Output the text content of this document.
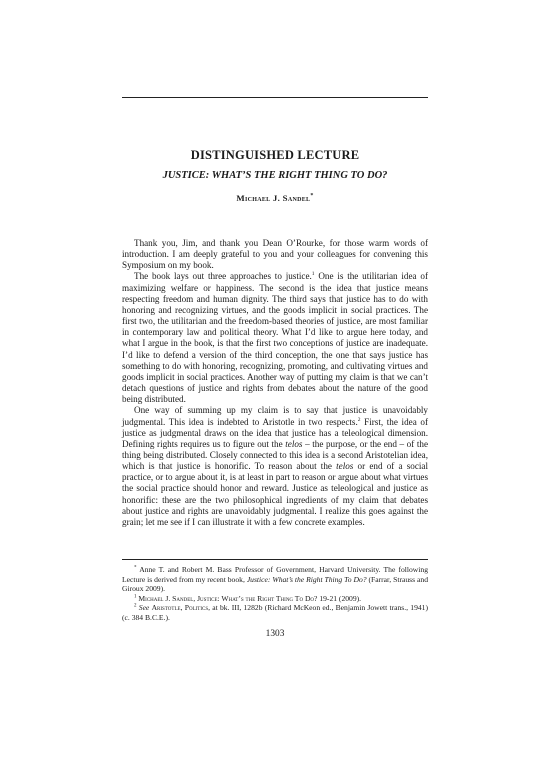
DISTINGUISHED LECTURE
JUSTICE: WHAT’S THE RIGHT THING TO DO?
Michael J. Sandel*

Thank you, Jim, and thank you Dean O’Rourke, for those warm words of introduction. I am deeply grateful to you and your colleagues for convening this Symposium on my book.

The book lays out three approaches to justice.$^1$ One is the utilitarian idea of maximizing welfare or happiness. The second is the idea that justice means respecting freedom and human dignity. The third says that justice has to do with honoring and recognizing virtues, and the goods implicit in social practices. The first two, the utilitarian and the freedom-based theories of justice, are most familiar in contemporary law and political theory. What I’d like to argue here today, and what I argue in the book, is that the first two conceptions of justice are inadequate. I’d like to defend a version of the third conception, the one that says justice has something to do with honoring, recognizing, promoting, and cultivating virtues and goods implicit in social practices. Another way of putting my claim is that we can’t detach questions of justice and rights from debates about the nature of the good being distributed.

One way of summing up my claim is to say that justice is unavoidably judgmental. This idea is indebted to Aristotle in two respects.$^2$ First, the idea of justice as judgmental draws on the idea that justice has a teleological dimension. Defining rights requires us to figure out the telos – the purpose, or the end – of the thing being distributed. Closely connected to this idea is a second Aristotelian idea, which is that justice is honorific. To reason about the telos or end of a social practice, or to argue about it, is at least in part to reason or argue about what virtues the social practice should honor and reward. Justice as teleological and justice as honorific: these are the two philosophical ingredients of my claim that debates about justice and rights are unavoidably judgmental. I realize this goes against the grain; let me see if I can illustrate it with a few concrete examples.

* Anne T. and Robert M. Bass Professor of Government, Harvard University. The following Lecture is derived from my recent book, Justice: What’s the Right Thing To Do? (Farrar, Strauss and Giroux 2009).

$^1$ Michael J. Sandel, Justice: What’s the Right Thing To Do? 19-21 (2009).

$^2$ See Aristotle, Politics, at bk. III, 1282b (Richard McKeon ed., Benjamin Jowett trans., 1941) (c. 384 B.C.E.).

1303
